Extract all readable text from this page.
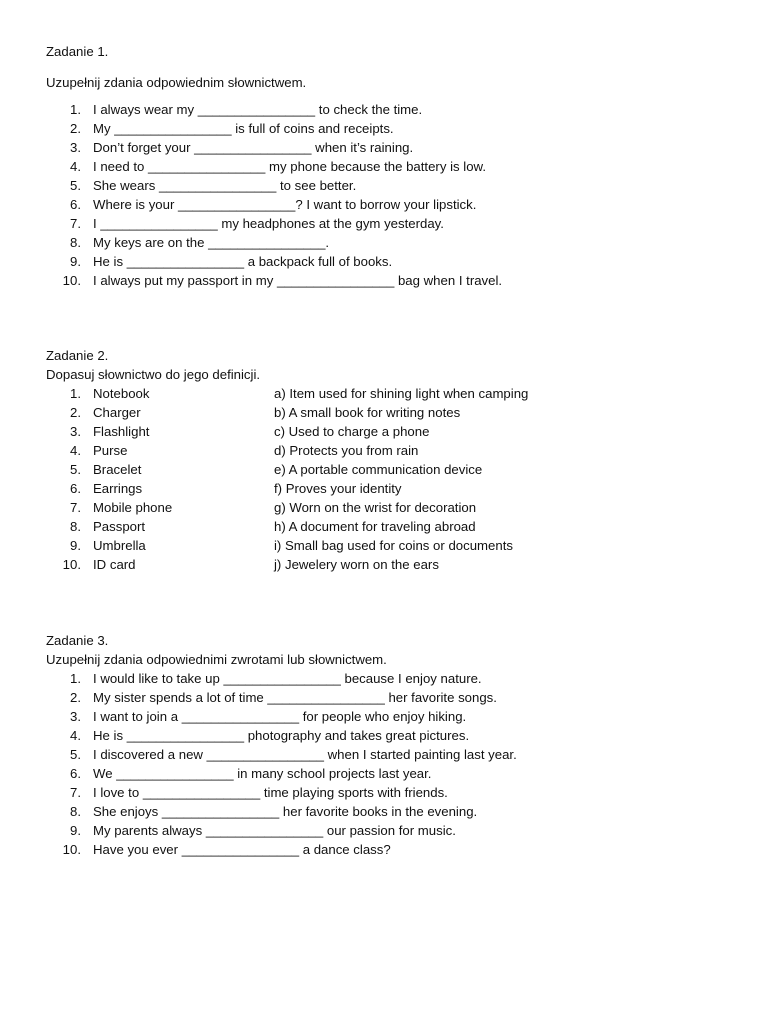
Zadanie 1.
Uzupełnij zdania odpowiednim słownictwem.
1. I always wear my ________________ to check the time.
2. My ________________ is full of coins and receipts.
3. Don’t forget your ________________ when it’s raining.
4. I need to ________________ my phone because the battery is low.
5. She wears ________________ to see better.
6. Where is your ________________? I want to borrow your lipstick.
7. I ________________ my headphones at the gym yesterday.
8. My keys are on the ________________.
9. He is ________________ a backpack full of books.
10. I always put my passport in my ________________ bag when I travel.
Zadanie 2.
Dopasuj słownictwo do jego definicji.
1. Notebook	a) Item used for shining light when camping
2. Charger	b) A small book for writing notes
3. Flashlight	c) Used to charge a phone
4. Purse	d) Protects you from rain
5. Bracelet	e) A portable communication device
6. Earrings	f) Proves your identity
7. Mobile phone	g) Worn on the wrist for decoration
8. Passport	h) A document for traveling abroad
9. Umbrella	i) Small bag used for coins or documents
10. ID card	j) Jewelery worn on the ears
Zadanie 3.
Uzupełnij zdania odpowiednimi zwrotami lub słownictwem.
1. I would like to take up ________________ because I enjoy nature.
2. My sister spends a lot of time ________________ her favorite songs.
3. I want to join a ________________ for people who enjoy hiking.
4. He is ________________ photography and takes great pictures.
5. I discovered a new ________________ when I started painting last year.
6. We ________________ in many school projects last year.
7. I love to ________________ time playing sports with friends.
8. She enjoys ________________ her favorite books in the evening.
9. My parents always ________________ our passion for music.
10. Have you ever ________________ a dance class?
